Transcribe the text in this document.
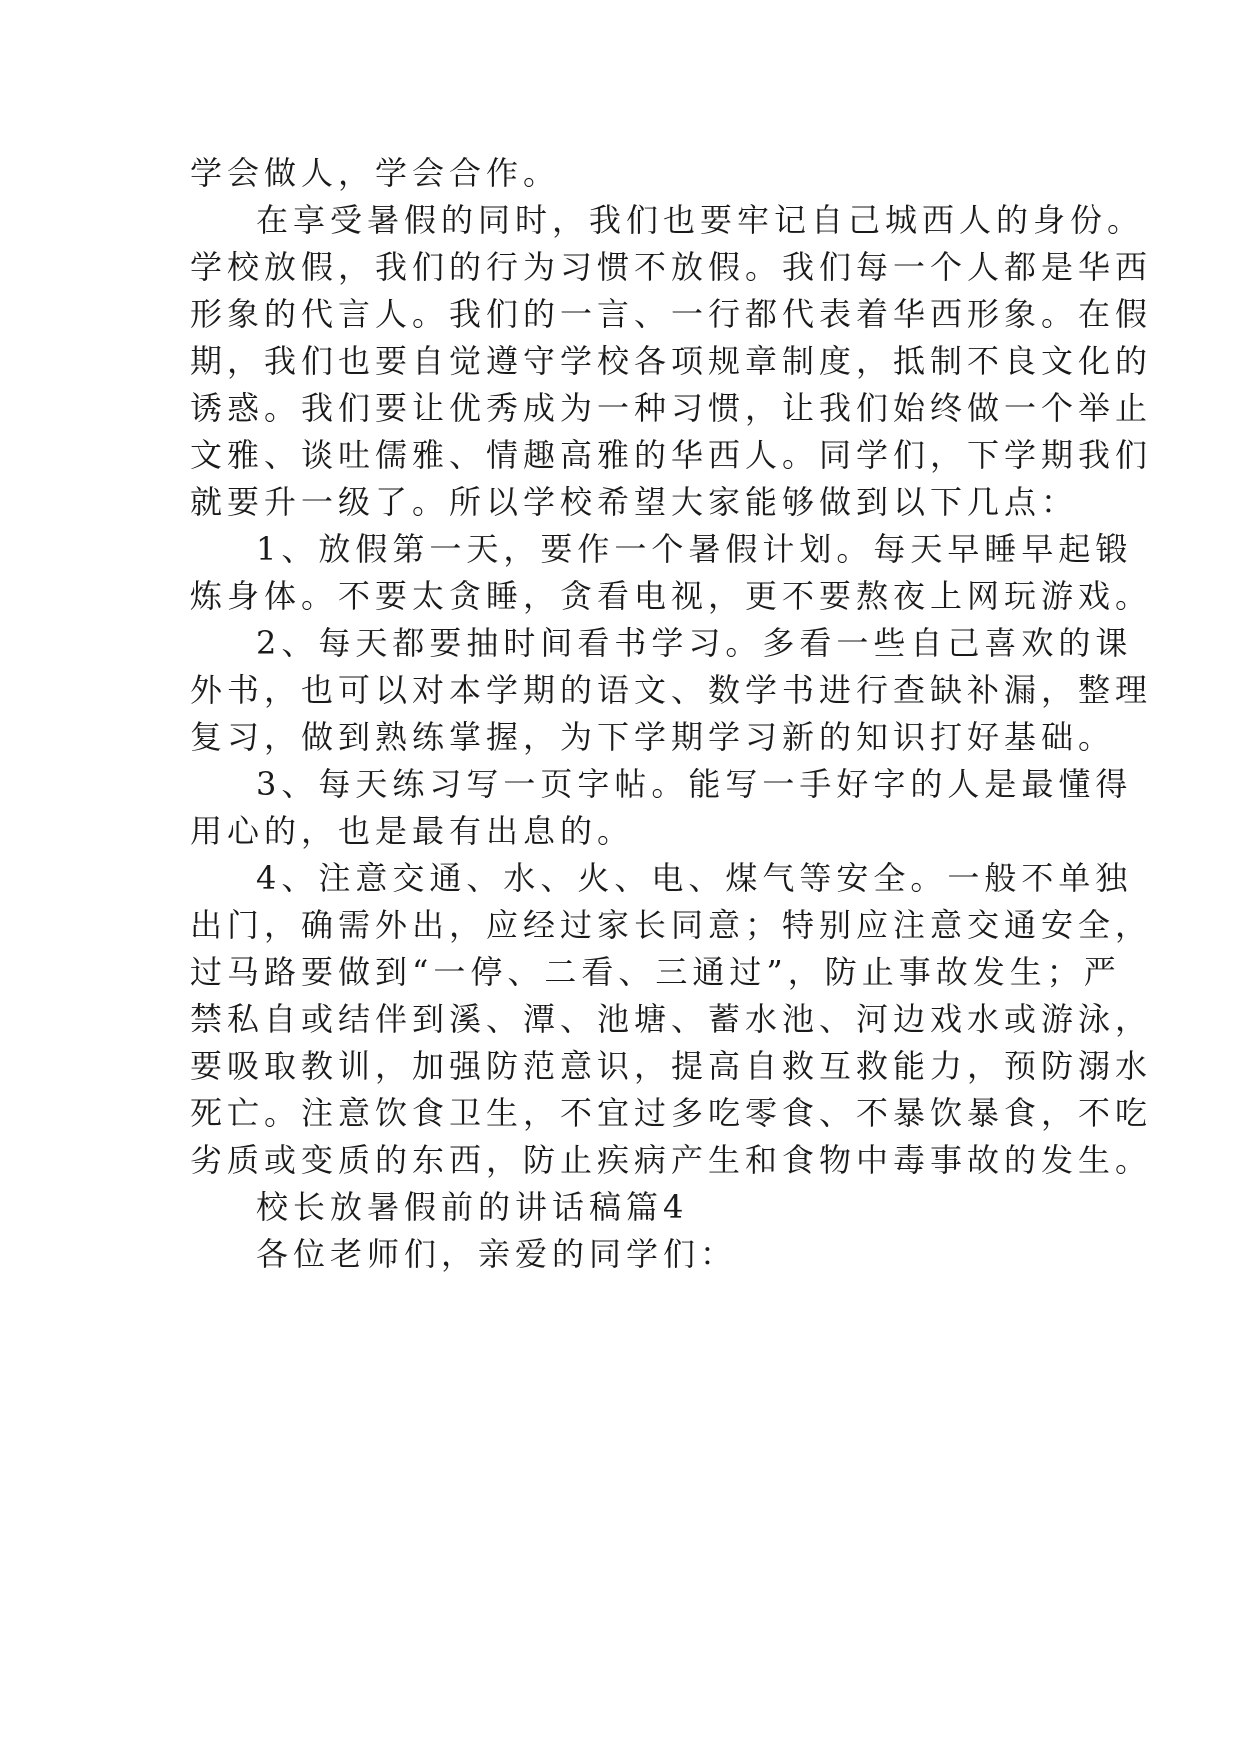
学会做人，学会合作。

在享受暑假的同时，我们也要牢记自己城西人的身份。

学校放假，我们的行为习惯不放假。我们每一个人都是华西

形象的代言人。我们的一言、一行都代表着华西形象。在假

期，我们也要自觉遵守学校各项规章制度，抵制不良文化的

诱惑。我们要让优秀成为一种习惯，让我们始终做一个举止

文雅、谈吐儒雅、情趣高雅的华西人。同学们，下学期我们

就要升一级了。所以学校希望大家能够做到以下几点：

1、放假第一天，要作一个暑假计划。每天早睡早起锻

炼身体。不要太贪睡，贪看电视，更不要熬夜上网玩游戏。

2、每天都要抽时间看书学习。多看一些自己喜欢的课

外书，也可以对本学期的语文、数学书进行查缺补漏，整理

复习，做到熟练掌握，为下学期学习新的知识打好基础。

3、每天练习写一页字帖。能写一手好字的人是最懂得

用心的，也是最有出息的。

4、注意交通、水、火、电、煤气等安全。一般不单独

出门，确需外出，应经过家长同意；特别应注意交通安全，

过马路要做到“一停、二看、三通过”，防止事故发生；严

禁私自或结伴到溪、潭、池塘、蓄水池、河边戏水或游泳，

要吸取教训，加强防范意识，提高自救互救能力，预防溺水

死亡。注意饮食卫生，不宜过多吃零食、不暴饮暴食，不吃

劣质或变质的东西，防止疾病产生和食物中毒事故的发生。

校长放暑假前的讲话稿篇4

各位老师们，亲爱的同学们：
